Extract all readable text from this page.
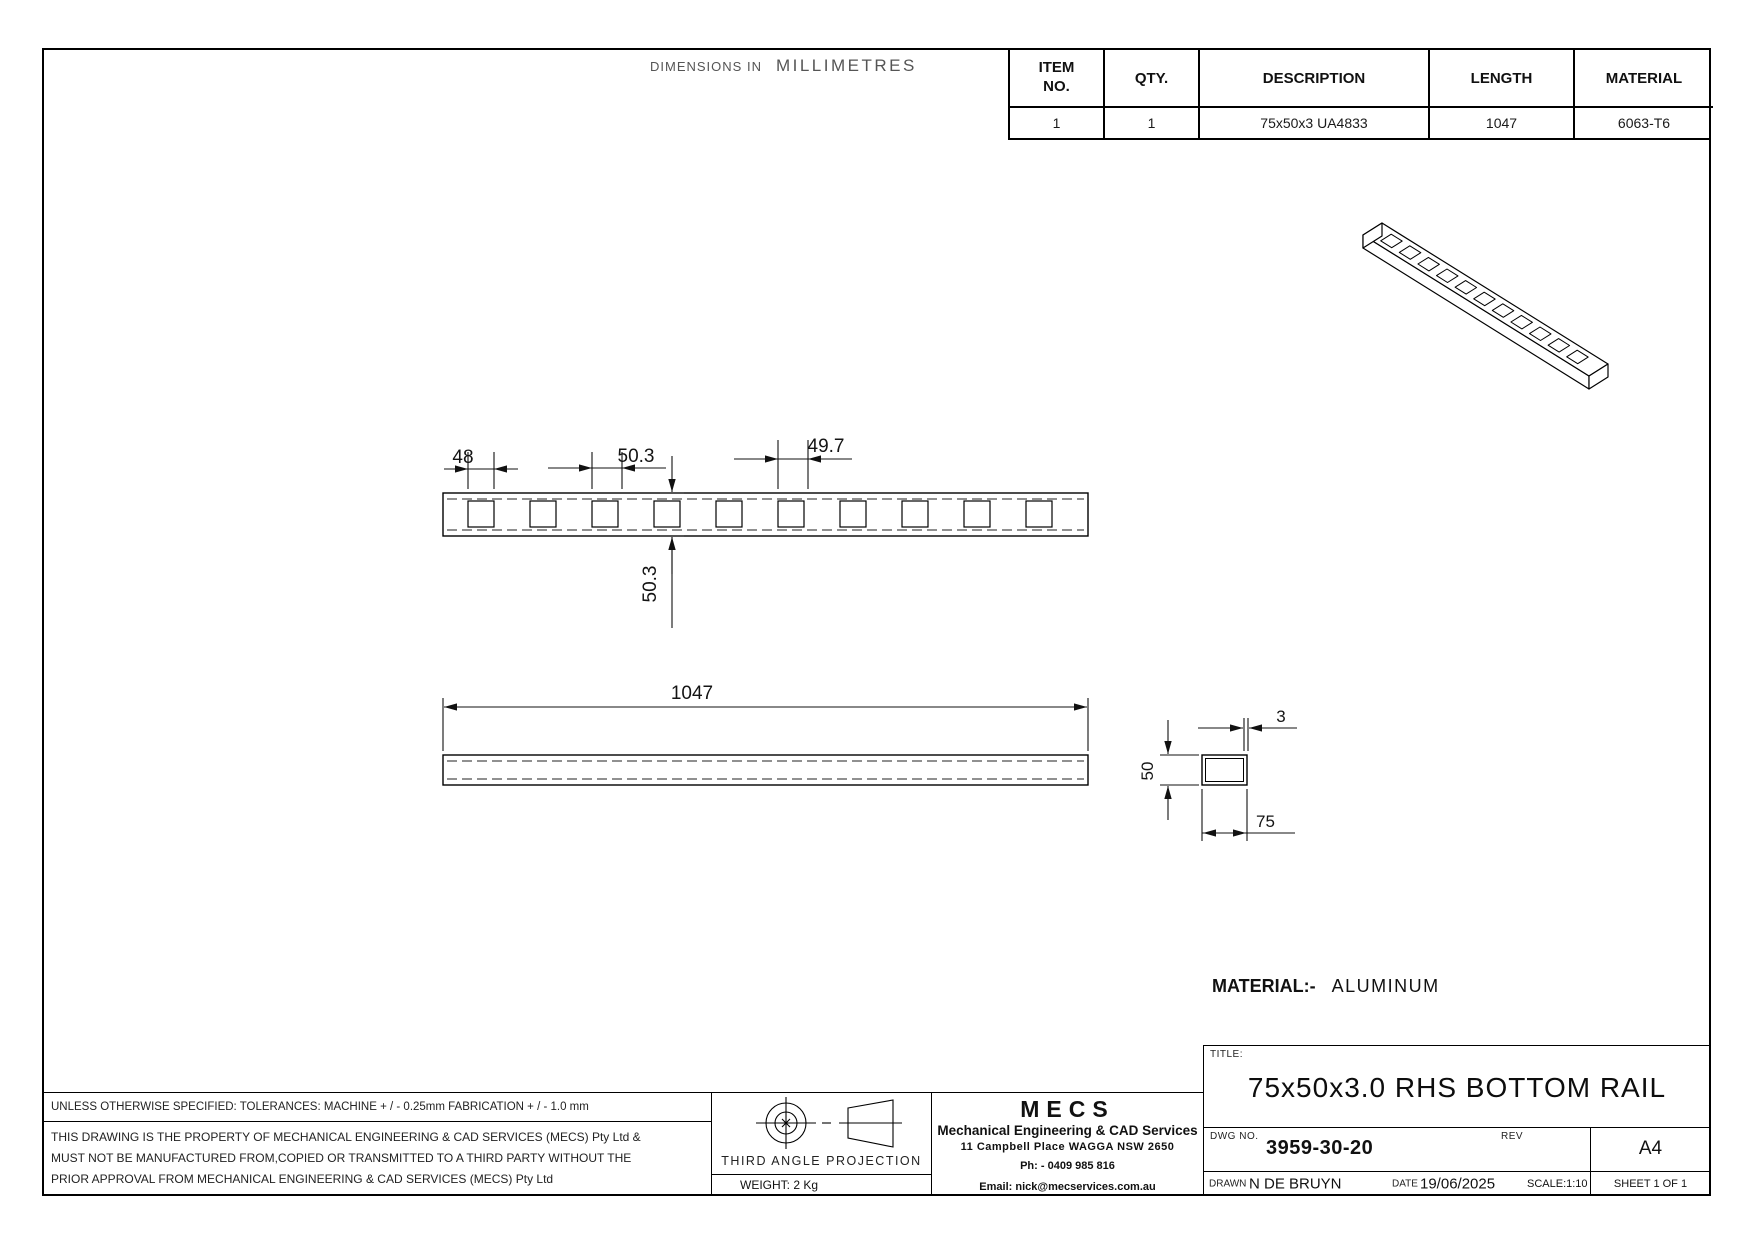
DIMENSIONS IN MILLIMETRES	ITEM NO.	QTY.	DESCRIPTION	LENGTH	MATERIAL
1	1	75x50x3 UA4833	1047	6063-T6
48	50.3	49.7
50.3
1047
50
75
3
MATERIAL:- ALUMINUM
UNLESS OTHERWISE SPECIFIED: TOLERANCES: MACHINE + / - 0.25mm FABRICATION + / - 1.0 mm
THIS DRAWING IS THE PROPERTY OF MECHANICAL ENGINEERING & CAD SERVICES (MECS) Pty Ltd &
MUST NOT BE MANUFACTURED FROM,COPIED OR TRANSMITTED TO A THIRD PARTY WITHOUT THE
PRIOR APPROVAL FROM MECHANICAL ENGINEERING & CAD SERVICES (MECS) Pty Ltd
THIRD ANGLE PROJECTION
WEIGHT: 2 Kg
MECS
Mechanical Engineering & CAD Services
11 Campbell Place WAGGA NSW 2650
Ph: - 0409 985 816
Email: nick@mecservices.com.au
TITLE:
75x50x3.0 RHS BOTTOM RAIL
DWG NO.
3959-30-20
REV
A4
DRAWN N DE BRUYN	DATE 19/06/2025	SCALE:1:10	SHEET 1 OF 1
